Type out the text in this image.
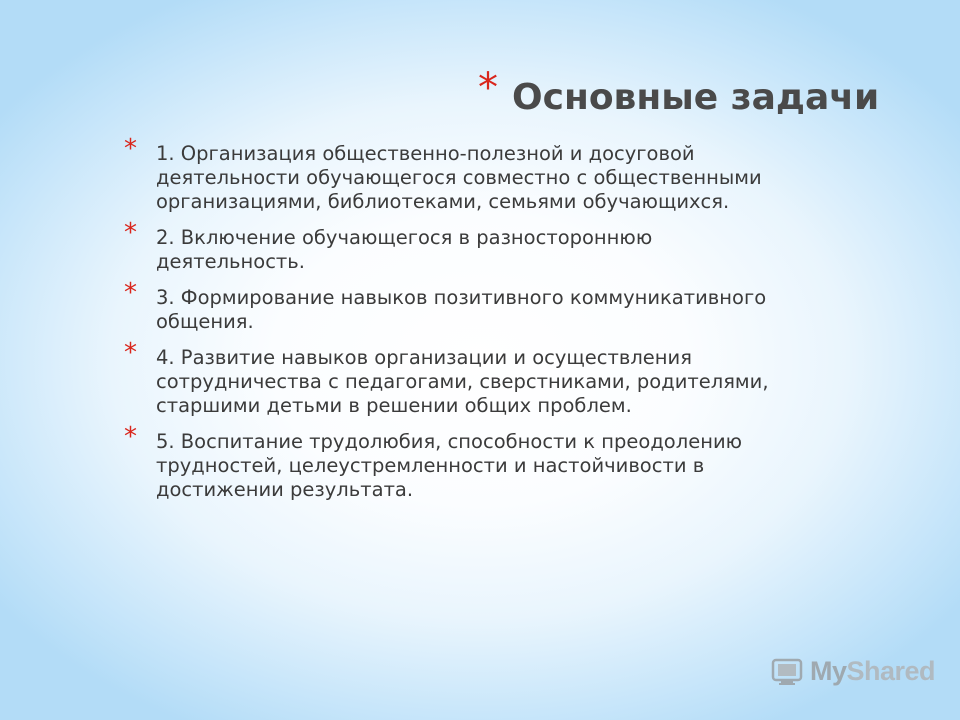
* Основные задачи
* 1. Организация общественно-полезной и досуговой деятельности обучающегося совместно с общественными организациями, библиотеками, семьями обучающихся.
* 2. Включение обучающегося в разностороннюю деятельность.
* 3. Формирование навыков позитивного коммуникативного общения.
* 4. Развитие навыков организации и осуществления сотрудничества с педагогами, сверстниками, родителями, старшими детьми в решении общих проблем.
* 5. Воспитание трудолюбия, способности к преодолению трудностей, целеустремленности и настойчивости в достижении результата.
MyShared
